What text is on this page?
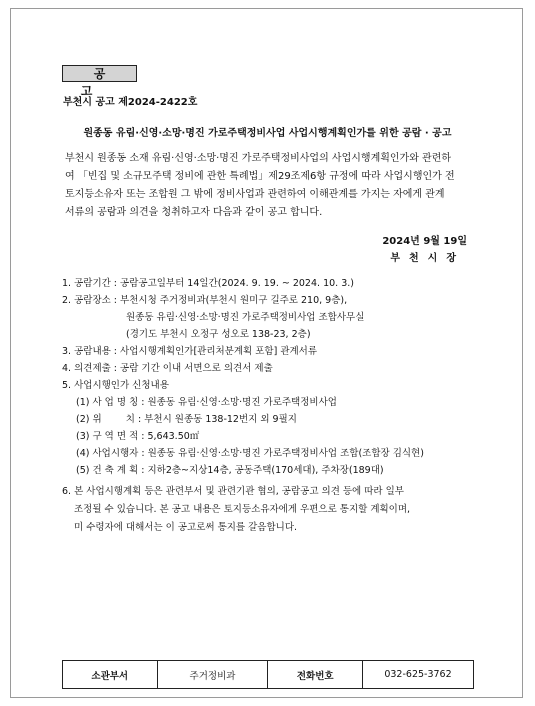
공고
부천시 공고 제2024-2422호
원종동 유림·신영·소망·명진 가로주택정비사업 사업시행계획인가를 위한 공람 · 공고
부천시 원종동 소재 유림·신영·소망·명진 가로주택정비사업의 사업시행계획인가와 관련하
여 「빈집 및 소규모주택 정비에 관한 특례법」제29조제6항 규정에 따라 사업시행인가 전
토지등소유자 또는 조합원 그 밖에 정비사업과 관련하여 이해관계를 가지는 자에게 관계
서류의 공람과 의견을 청취하고자 다음과 같이 공고 합니다.
2024년 9월 19일
부천시장
1. 공람기간 : 공람공고일부터 14일간(2024. 9. 19. ~ 2024. 10. 3.)
2. 공람장소 : 부천시청 주거정비과(부천시 원미구 길주로 210, 9층),
원종동 유림·신영·소망·명진 가로주택정비사업 조합사무실
(경기도 부천시 오정구 성오로 138-23, 2층)
3. 공람내용 : 사업시행계획인가[관리처분계획 포함] 관계서류
4. 의견제출 : 공람 기간 이내 서면으로 의견서 제출
5. 사업시행인가 신청내용
(1) 사 업 명 칭 : 원종동 유림·신영·소망·명진 가로주택정비사업
(2) 위        치 : 부천시 원종동 138-12번지 외 9필지
(3) 구 역 면 적 : 5,643.50㎡
(4) 사업시행자 : 원종동 유림·신영·소망·명진 가로주택정비사업 조합(조합장 김식현)
(5) 건 축 계 획 : 지하2층~지상14층, 공동주택(170세대), 주차장(189대)
6. 본 사업시행계획 등은 관련부서 및 관련기관 협의, 공람공고 의견 등에 따라 일부
조정될 수 있습니다. 본 공고 내용은 토지등소유자에게 우편으로 통지할 계획이며,
미 수령자에 대해서는 이 공고로써 통지를 갈음합니다.
소관부서	주거정비과	전화번호	032-625-3762
